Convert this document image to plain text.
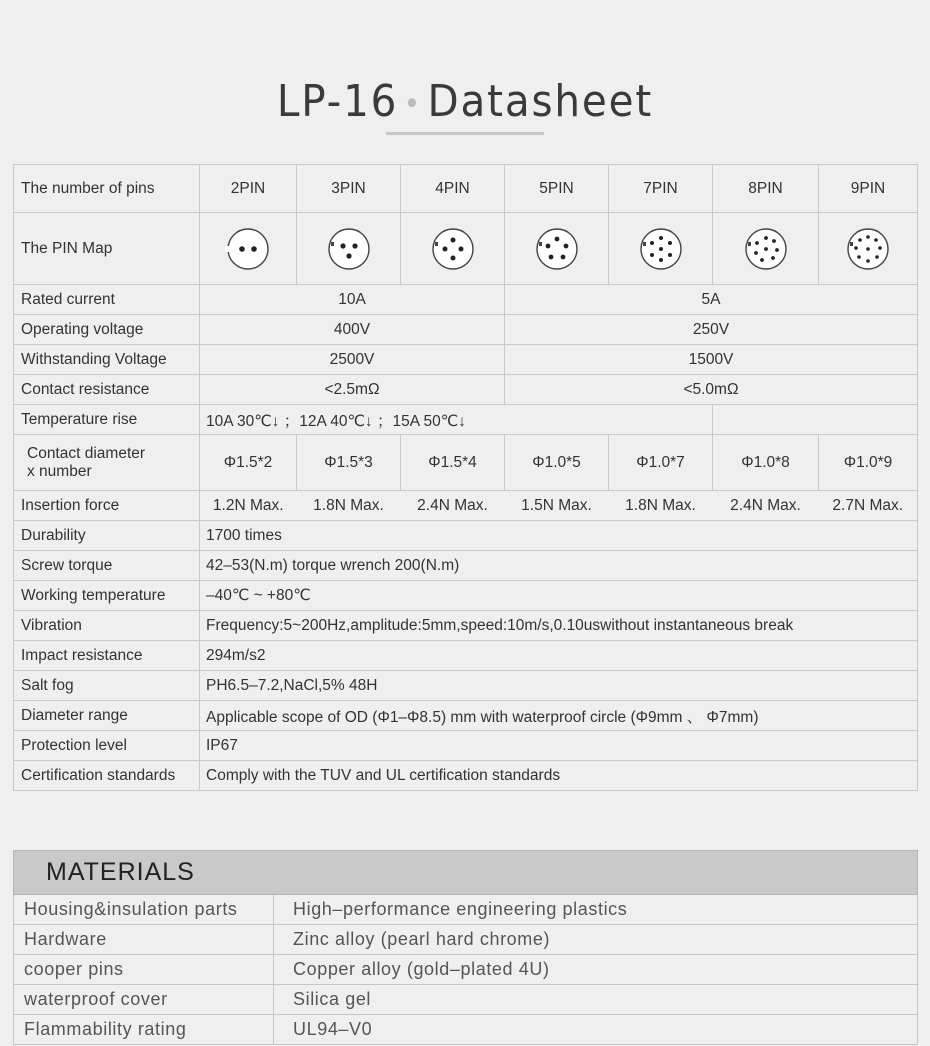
LP-16 • Datasheet
The number of pins	2PIN	3PIN	4PIN	5PIN	7PIN	8PIN	9PIN
The PIN Map	

Rated current	10A			5A			
Operating voltage	400V			250V			
Withstanding Voltage	2500V			1500V			
Contact resistance	<2.5mΩ			<5.0mΩ			
Temperature rise	10A 30℃↓ ；12A 40℃↓ ；15A 50℃↓						

Contact diameter
x number	Φ1.5*2	Φ1.5*3	Φ1.5*4	Φ1.0*5	Φ1.0*7	Φ1.0*8	Φ1.0*9
Insertion force	1.2N Max.	1.8N Max.	2.4N Max.	1.5N Max.	1.8N Max.	2.4N Max.	2.7N Max.
Durability	1700 times						
Screw torque	42–53(N.m) torque wrench 200(N.m)						
Working temperature	–40℃ ~ +80℃						
Vibration	Frequency:5~200Hz,amplitude:5mm,speed:10m/s,0.10uswithout instantaneous break						
Impact resistance	294m/s2						
Salt fog	PH6.5–7.2,NaCl,5% 48H						
Diameter range	Applicable scope of OD (Φ1–Φ8.5) mm with waterproof circle (Φ9mm 、 Φ7mm)						
Protection level	IP67						
Certification standards	Comply with the TUV and UL certification standards						
MATERIALS	
Housing&insulation parts	High–performance engineering plastics
Hardware	Zinc alloy (pearl hard chrome)
cooper pins	Copper alloy (gold–plated 4U)
waterproof cover	Silica gel
Flammability rating	UL94–V0
